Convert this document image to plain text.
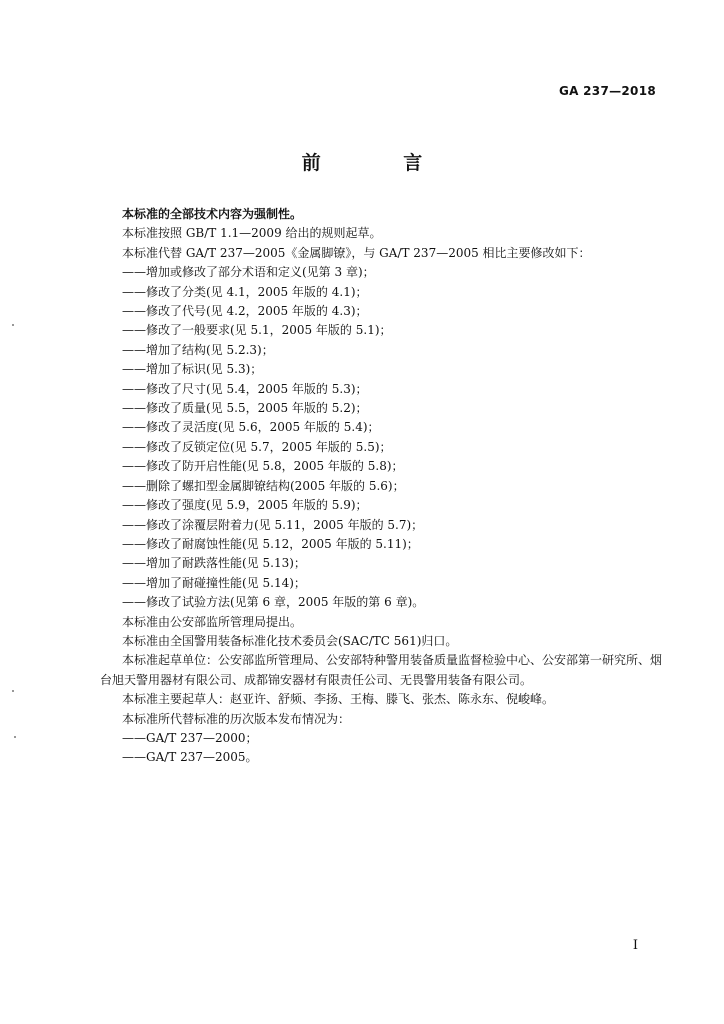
GA 237—2018
前 言
本标准的全部技术内容为强制性。
本标准按照 GB/T 1.1—2009 给出的规则起草。
本标准代替 GA/T 237—2005《金属脚镣》，与 GA/T 237—2005 相比主要修改如下：
——增加或修改了部分术语和定义(见第 3 章)；
——修改了分类(见 4.1，2005 年版的 4.1)；
——修改了代号(见 4.2，2005 年版的 4.3)；
——修改了一般要求(见 5.1，2005 年版的 5.1)；
——增加了结构(见 5.2.3)；
——增加了标识(见 5.3)；
——修改了尺寸(见 5.4，2005 年版的 5.3)；
——修改了质量(见 5.5，2005 年版的 5.2)；
——修改了灵活度(见 5.6，2005 年版的 5.4)；
——修改了反锁定位(见 5.7，2005 年版的 5.5)；
——修改了防开启性能(见 5.8，2005 年版的 5.8)；
——删除了螺扣型金属脚镣结构(2005 年版的 5.6)；
——修改了强度(见 5.9，2005 年版的 5.9)；
——修改了涂覆层附着力(见 5.11，2005 年版的 5.7)；
——修改了耐腐蚀性能(见 5.12，2005 年版的 5.11)；
——增加了耐跌落性能(见 5.13)；
——增加了耐碰撞性能(见 5.14)；
——修改了试验方法(见第 6 章，2005 年版的第 6 章)。
本标准由公安部监所管理局提出。
本标准由全国警用装备标准化技术委员会(SAC/TC 561)归口。
本标准起草单位：公安部监所管理局、公安部特种警用装备质量监督检验中心、公安部第一研究所、烟台旭天警用器材有限公司、成都锦安器材有限责任公司、无畏警用装备有限公司。
本标准主要起草人：赵亚许、舒频、李扬、王梅、滕飞、张杰、陈永东、倪峻峰。
本标准所代替标准的历次版本发布情况为：
——GA/T 237—2000；
——GA/T 237—2005。
I
